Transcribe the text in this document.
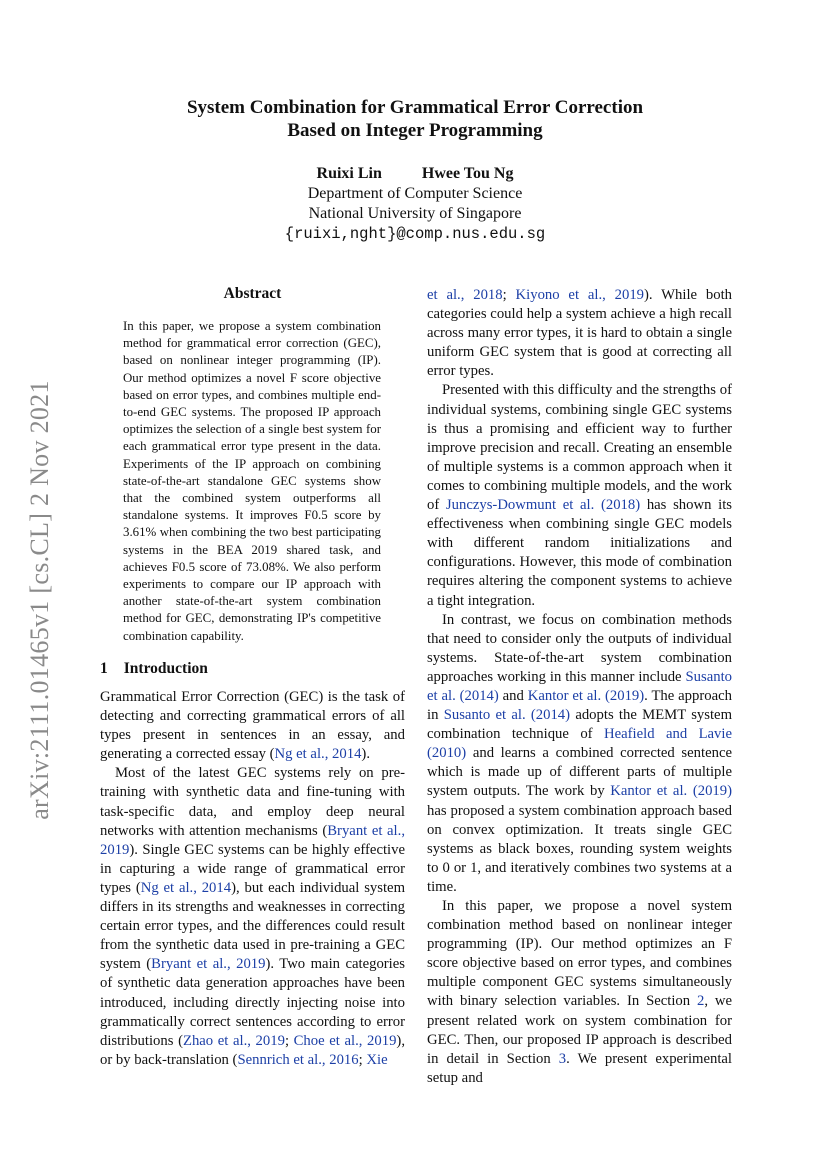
arXiv:2111.01465v1 [cs.CL] 2 Nov 2021
System Combination for Grammatical Error Correction
Based on Integer Programming
Ruixi Lin	Hwee Tou Ng
Department of Computer Science
National University of Singapore
{ruixi,nght}@comp.nus.edu.sg
Abstract

In this paper, we propose a system combination method for grammatical error correction (GEC), based on nonlinear integer programming (IP). Our method optimizes a novel F score objective based on error types, and combines multiple end-to-end GEC systems. The proposed IP approach optimizes the selection of a single best system for each grammatical error type present in the data. Experiments of the IP approach on combining state-of-the-art standalone GEC systems show that the combined system outperforms all standalone systems. It improves F0.5 score by 3.61% when combining the two best participating systems in the BEA 2019 shared task, and achieves F0.5 score of 73.08%. We also perform experiments to compare our IP approach with another state-of-the-art system combination method for GEC, demonstrating IP's competitive combination capability.

1 Introduction

Grammatical Error Correction (GEC) is the task of detecting and correcting grammatical errors of all types present in sentences in an essay, and generating a corrected essay (Ng et al., 2014).

Most of the latest GEC systems rely on pre-training with synthetic data and fine-tuning with task-specific data, and employ deep neural networks with attention mechanisms (Bryant et al., 2019). Single GEC systems can be highly effective in capturing a wide range of grammatical error types (Ng et al., 2014), but each individual system differs in its strengths and weaknesses in correcting certain error types, and the differences could result from the synthetic data used in pre-training a GEC system (Bryant et al., 2019). Two main categories of synthetic data generation approaches have been introduced, including directly injecting noise into grammatically correct sentences according to error distributions (Zhao et al., 2019; Choe et al., 2019), or by back-translation (Sennrich et al., 2016; Xie

et al., 2018; Kiyono et al., 2019). While both categories could help a system achieve a high recall across many error types, it is hard to obtain a single uniform GEC system that is good at correcting all error types.

Presented with this difficulty and the strengths of individual systems, combining single GEC systems is thus a promising and efficient way to further improve precision and recall. Creating an ensemble of multiple systems is a common approach when it comes to combining multiple models, and the work of Junczys-Dowmunt et al. (2018) has shown its effectiveness when combining single GEC models with different random initializations and configurations. However, this mode of combination requires altering the component systems to achieve a tight integration.

In contrast, we focus on combination methods that need to consider only the outputs of individual systems. State-of-the-art system combination approaches working in this manner include Susanto et al. (2014) and Kantor et al. (2019). The approach in Susanto et al. (2014) adopts the MEMT system combination technique of Heafield and Lavie (2010) and learns a combined corrected sentence which is made up of different parts of multiple system outputs. The work by Kantor et al. (2019) has proposed a system combination approach based on convex optimization. It treats single GEC systems as black boxes, rounding system weights to 0 or 1, and iteratively combines two systems at a time.

In this paper, we propose a novel system combination method based on nonlinear integer programming (IP). Our method optimizes an F score objective based on error types, and combines multiple component GEC systems simultaneously with binary selection variables. In Section 2, we present related work on system combination for GEC. Then, our proposed IP approach is described in detail in Section 3. We present experimental setup and
